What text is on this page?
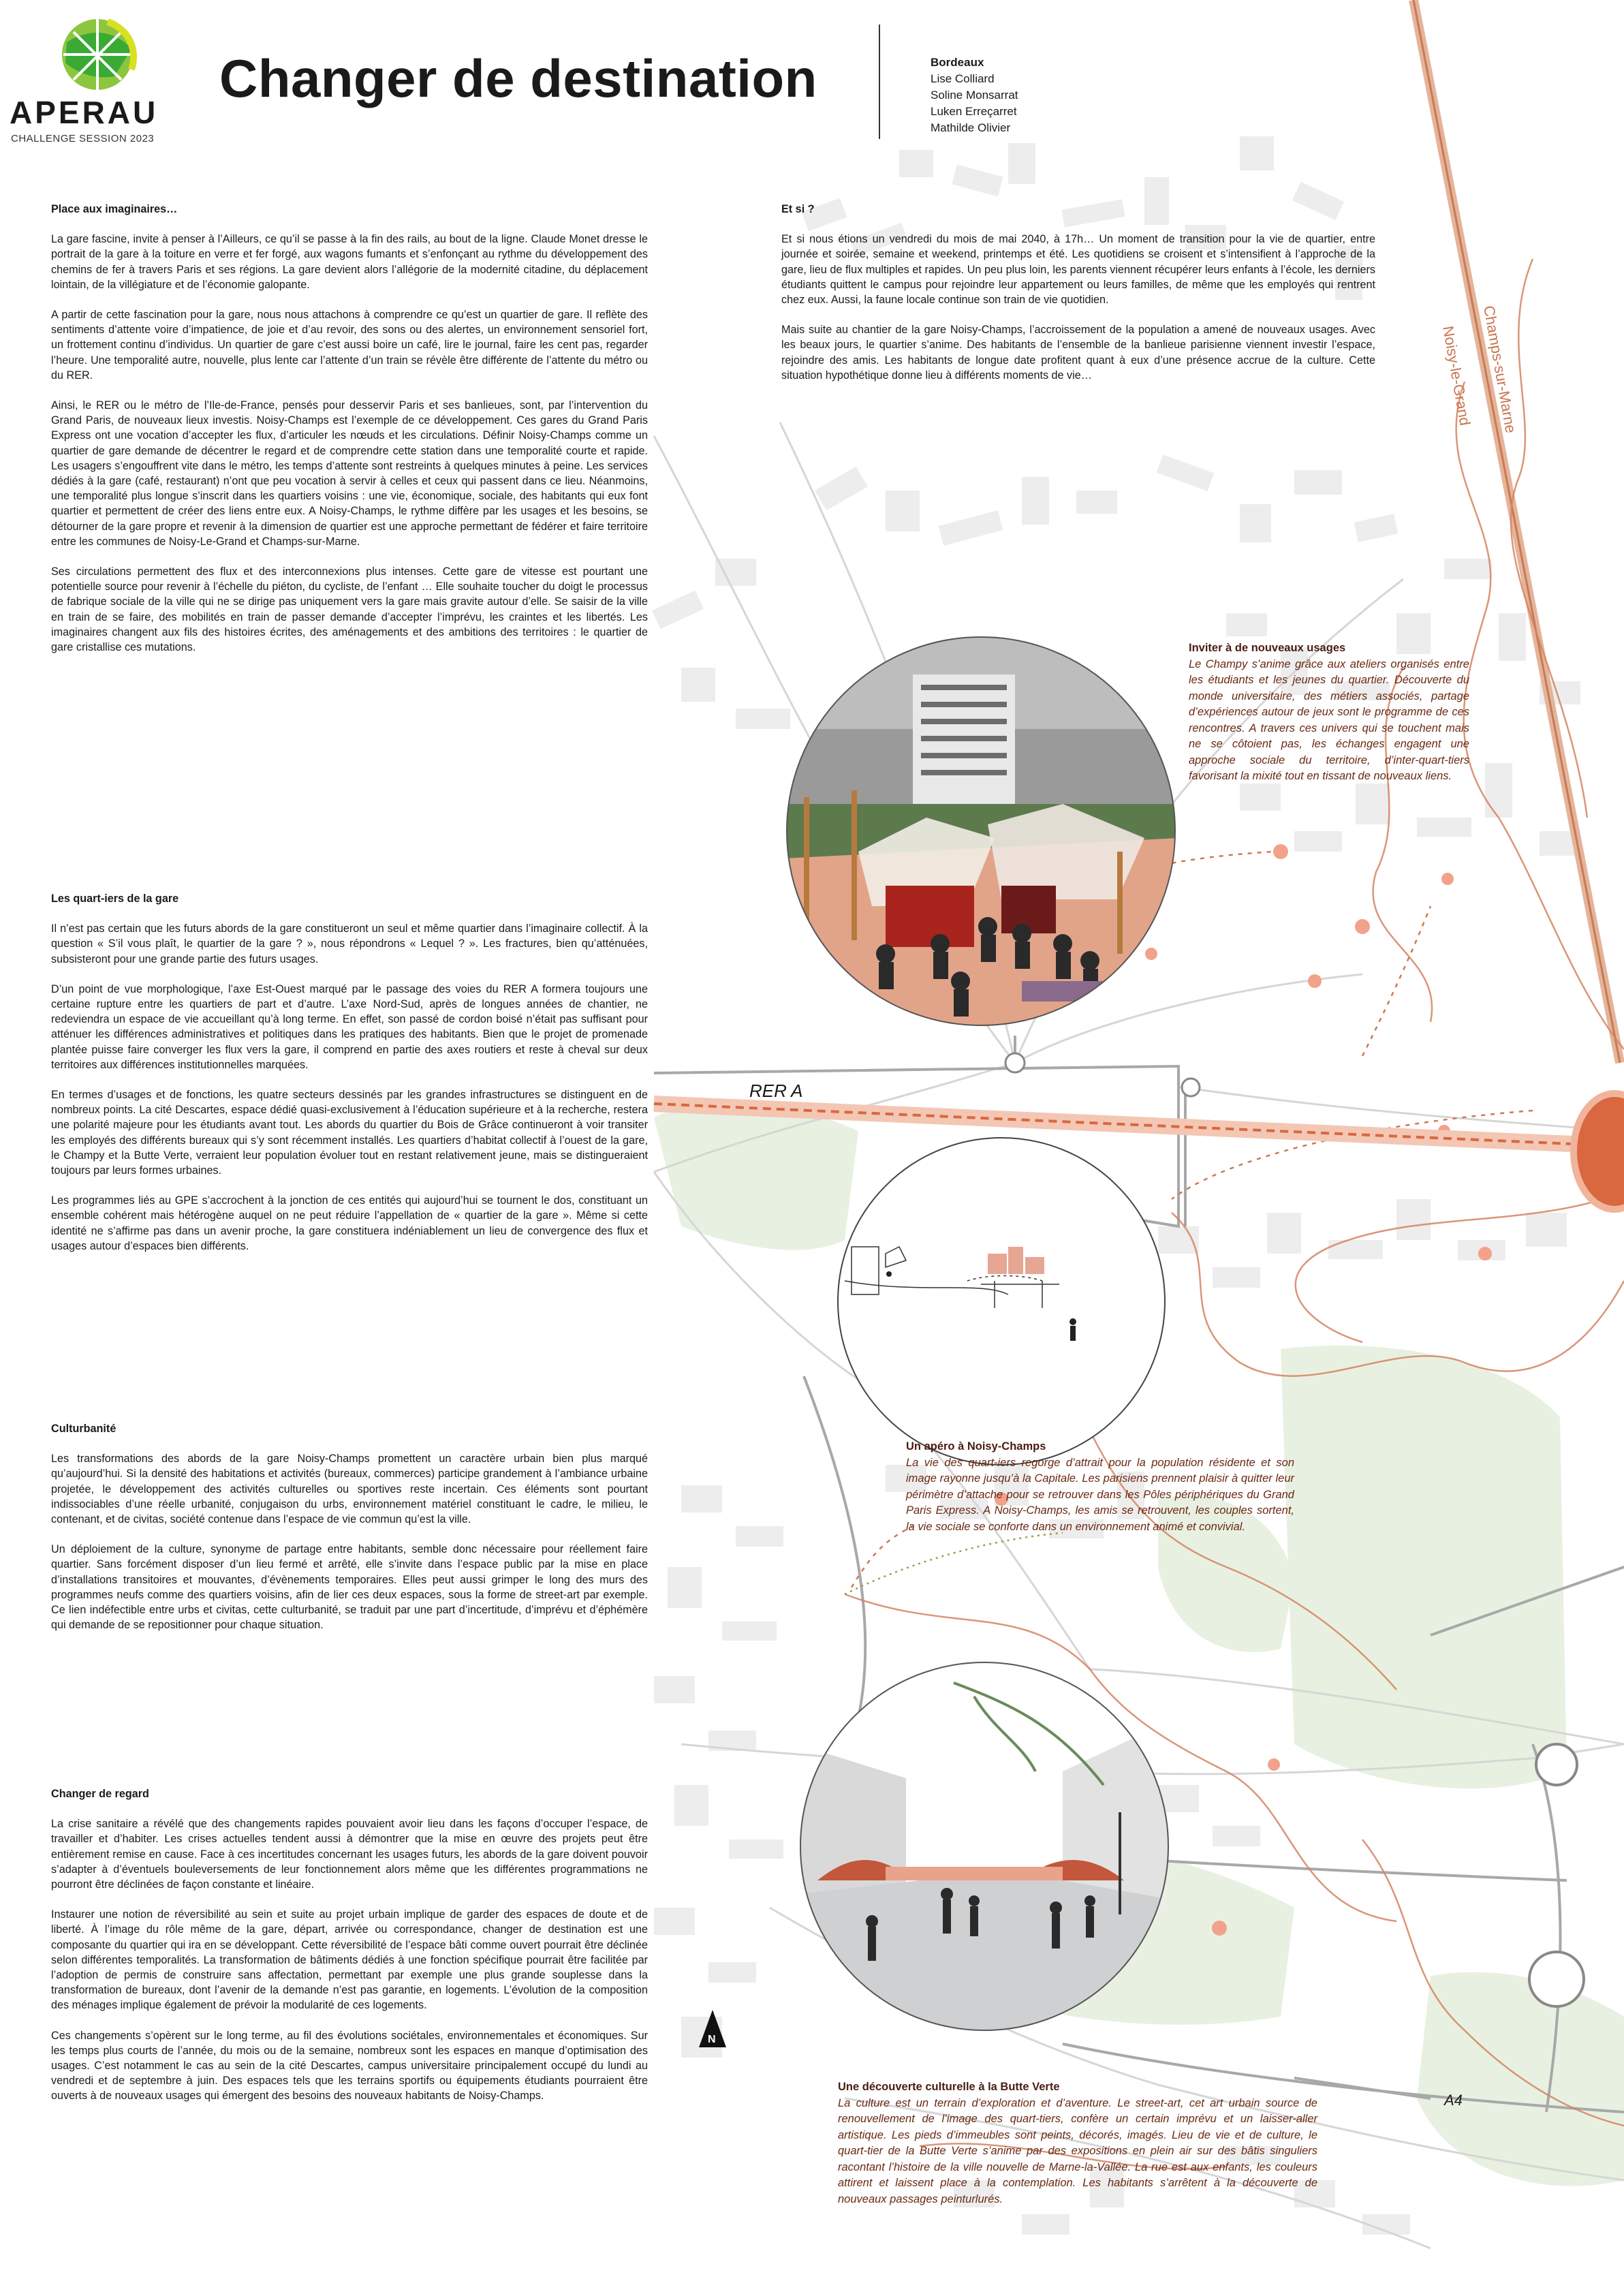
RER A
Noisy-le-Grand Champs-sur-Marne
A4
N
APERAU
CHALLENGE SESSION 2023
Changer de destination	Bordeaux
Lise Colliard
Soline Monsarrat
Luken Erreçarret
Mathilde Olivier
Place aux imaginaires…

La gare fascine, invite à penser à l’Ailleurs, ce qu’il se passe à la fin des rails, au bout de la ligne. Claude Monet dresse le portrait de la gare à la toiture en verre et fer forgé, aux wagons fumants et s’enfonçant au rythme du développement des chemins de fer à travers Paris et ses régions. La gare devient alors l’allégorie de la modernité citadine, du déplacement lointain, de la villégiature et de l’économie galopante.

A partir de cette fascination pour la gare, nous nous attachons à comprendre ce qu’est un quartier de gare. Il reflète des sentiments d’attente voire d’impatience, de joie et d’au revoir, des sons ou des alertes, un environnement sensoriel fort, un frottement continu d’individus. Un quartier de gare c’est aussi boire un café, lire le journal, faire les cent pas, regarder l’heure. Une temporalité autre, nouvelle, plus lente car l’attente d’un train se révèle être différente de l’attente du métro ou du RER.

Ainsi, le RER ou le métro de l’Ile-de-France, pensés pour desservir Paris et ses banlieues, sont, par l’intervention du Grand Paris, de nouveaux lieux investis. Noisy-Champs est l’exemple de ce développement. Ces gares du Grand Paris Express ont une vocation d’accepter les flux, d’articuler les nœuds et les circulations. Définir Noisy-Champs comme un quartier de gare demande de décentrer le regard et de comprendre cette station dans une temporalité courte et rapide. Les usagers s’engouffrent vite dans le métro, les temps d’attente sont restreints à quelques minutes à peine. Les services dédiés à la gare (café, restaurant) n’ont que peu vocation à servir à celles et ceux qui passent dans ce lieu. Néanmoins, une temporalité plus longue s’inscrit dans les quartiers voisins : une vie, économique, sociale, des habitants qui eux font quartier et permettent de créer des liens entre eux. A Noisy-Champs, le rythme diffère par les usages et les besoins, se détourner de la gare propre et revenir à la dimension de quartier est une approche permettant de fédérer et faire territoire entre les communes de Noisy-Le-Grand et Champs-sur-Marne.

Ses circulations permettent des flux et des interconnexions plus intenses. Cette gare de vitesse est pourtant une potentielle source pour revenir à l’échelle du piéton, du cycliste, de l’enfant … Elle souhaite toucher du doigt le processus de fabrique sociale de la ville qui ne se dirige pas uniquement vers la gare mais gravite autour d’elle. Se saisir de la ville en train de se faire, des mobilités en train de passer demande d’accepter l’imprévu, les craintes et les libertés. Les imaginaires changent aux fils des histoires écrites, des aménagements et des ambitions des territoires : le quartier de gare cristallise ces mutations.

Les quart-iers de la gare

Il n’est pas certain que les futurs abords de la gare constitueront un seul et même quartier dans l’imaginaire collectif. À la question « S’il vous plaît, le quartier de la gare ? », nous répondrons « Lequel ? ». Les fractures, bien qu’atténuées, subsisteront pour une grande partie des futurs usages.

D’un point de vue morphologique, l’axe Est-Ouest marqué par le passage des voies du RER A formera toujours une certaine rupture entre les quartiers de part et d’autre. L’axe Nord-Sud, après de longues années de chantier, ne redeviendra un espace de vie accueillant qu’à long terme. En effet, son passé de cordon boisé n’était pas suffisant pour atténuer les différences administratives et politiques dans les pratiques des habitants. Bien que le projet de promenade plantée puisse faire converger les flux vers la gare, il comprend en partie des axes routiers et reste à cheval sur deux territoires aux différences institutionnelles marquées.

En termes d’usages et de fonctions, les quatre secteurs dessinés par les grandes infrastructures se distinguent en de nombreux points. La cité Descartes, espace dédié quasi-exclusivement à l’éducation supérieure et à la recherche, restera une polarité majeure pour les étudiants avant tout. Les abords du quartier du Bois de Grâce continueront à voir transiter les employés des différents bureaux qui s’y sont récemment installés. Les quartiers d’habitat collectif à l’ouest de la gare, le Champy et la Butte Verte, verraient leur population évoluer tout en restant relativement jeune, mais se distingueraient toujours par leurs formes urbaines.

Les programmes liés au GPE s’accrochent à la jonction de ces entités qui aujourd’hui se tournent le dos, constituant un ensemble cohérent mais hétérogène auquel on ne peut réduire l’appellation de « quartier de la gare ». Même si cette identité ne s’affirme pas dans un avenir proche, la gare constituera indéniablement un lieu de convergence des flux et usages autour d’espaces bien différents.

Culturbanité

Les transformations des abords de la gare Noisy-Champs promettent un caractère urbain bien plus marqué qu’aujourd’hui. Si la densité des habitations et activités (bureaux, commerces) participe grandement à l’ambiance urbaine projetée, le développement des activités culturelles ou sportives reste incertain. Ces éléments sont pourtant indissociables d’une réelle urbanité, conjugaison du urbs, environnement matériel constituant le cadre, le milieu, le contenant, et de civitas, société contenue dans l’espace de vie commun qu’est la ville.

Un déploiement de la culture, synonyme de partage entre habitants, semble donc nécessaire pour réellement faire quartier. Sans forcément disposer d’un lieu fermé et arrêté, elle s’invite dans l’espace public par la mise en place d’installations transitoires et mouvantes, d’évènements temporaires. Elles peut aussi grimper le long des murs des programmes neufs comme des quartiers voisins, afin de lier ces deux espaces, sous la forme de street-art par exemple. Ce lien indéfectible entre urbs et civitas, cette culturbanité, se traduit par une part d’incertitude, d’imprévu et d’éphémère qui demande de se repositionner pour chaque situation.

Changer de regard

La crise sanitaire a révélé que des changements rapides pouvaient avoir lieu dans les façons d’occuper l’espace, de travailler et d’habiter. Les crises actuelles tendent aussi à démontrer que la mise en œuvre des projets peut être entièrement remise en cause. Face à ces incertitudes concernant les usages futurs, les abords de la gare doivent pouvoir s’adapter à d’éventuels bouleversements de leur fonctionnement alors même que les différentes programmations ne pourront être déclinées de façon constante et linéaire.

Instaurer une notion de réversibilité au sein et suite au projet urbain implique de garder des espaces de doute et de liberté. À l’image du rôle même de la gare, départ, arrivée ou correspondance, changer de destination est une composante du quartier qui ira en se développant. Cette réversibilité de l’espace bâti comme ouvert pourrait être déclinée selon différentes temporalités. La transformation de bâtiments dédiés à une fonction spécifique pourrait être facilitée par l’adoption de permis de construire sans affectation, permettant par exemple une plus grande souplesse dans la transformation de bureaux, dont l’avenir de la demande n’est pas garantie, en logements. L’évolution de la composition des ménages implique également de prévoir la modularité de ces logements.

Ces changements s’opèrent sur le long terme, au fil des évolutions sociétales, environnementales et économiques. Sur les temps plus courts de l’année, du mois ou de la semaine, nombreux sont les espaces en manque d’optimisation des usages. C’est notamment le cas au sein de la cité Descartes, campus universitaire principalement occupé du lundi au vendredi et de septembre à juin. Des espaces tels que les terrains sportifs ou équipements étudiants pourraient être ouverts à de nouveaux usages qui émergent des besoins des nouveaux habitants de Noisy-Champs.

Et si ?

Et si nous étions un vendredi du mois de mai 2040, à 17h… Un moment de transition pour la vie de quartier, entre journée et soirée, semaine et weekend, printemps et été. Les quotidiens se croisent et s’intensifient à l’approche de la gare, lieu de flux multiples et rapides. Un peu plus loin, les parents viennent récupérer leurs enfants à l’école, les derniers étudiants quittent le campus pour rejoindre leur appartement ou leurs familles, de même que les employés qui rentrent chez eux. Aussi, la faune locale continue son train de vie quotidien.

Mais suite au chantier de la gare Noisy-Champs, l’accroissement de la population a amené de nouveaux usages. Avec les beaux jours, le quartier s’anime. Des habitants de l’ensemble de la banlieue parisienne viennent investir l’espace, rejoindre des amis. Les habitants de longue date profitent quant à eux d’une présence accrue de la culture. Cette situation hypothétique donne lieu à différents moments de vie…

Inviter à de nouveaux usages

Le Champy s’anime grâce aux ateliers organisés entre les étudiants et les jeunes du quartier. Découverte du monde universitaire, des métiers associés, partage d’expériences autour de jeux sont le programme de ces rencontres. A travers ces univers qui se touchent mais ne se côtoient pas, les échanges engagent une approche sociale du territoire, d’inter-quart-tiers favorisant la mixité tout en tissant de nouveaux liens.

Un apéro à Noisy-Champs

La vie des quart-iers regorge d’attrait pour la population résidente et son image rayonne jusqu’à la Capitale. Les parisiens prennent plaisir à quitter leur périmètre d’attache pour se retrouver dans les Pôles périphériques du Grand Paris Express. A Noisy-Champs, les amis se retrouvent, les couples sortent, la vie sociale se conforte dans un environnement animé et convivial.

Une découverte culturelle à la Butte Verte

La culture est un terrain d’exploration et d’aventure. Le street-art, cet art urbain source de renouvellement de l’image des quart-tiers, confère un certain imprévu et un laisser-aller artistique. Les pieds d’immeubles sont peints, décorés, imagés. Lieu de vie et de culture, le quart-tier de la Butte Verte s’anime par des expositions en plein air sur des bâtis singuliers racontant l’histoire de la ville nouvelle de Marne-la-Vallée. La rue est aux enfants, les couleurs attirent et laissent place à la contemplation. Les habitants s’arrêtent à la découverte de nouveaux passages peinturlurés.
